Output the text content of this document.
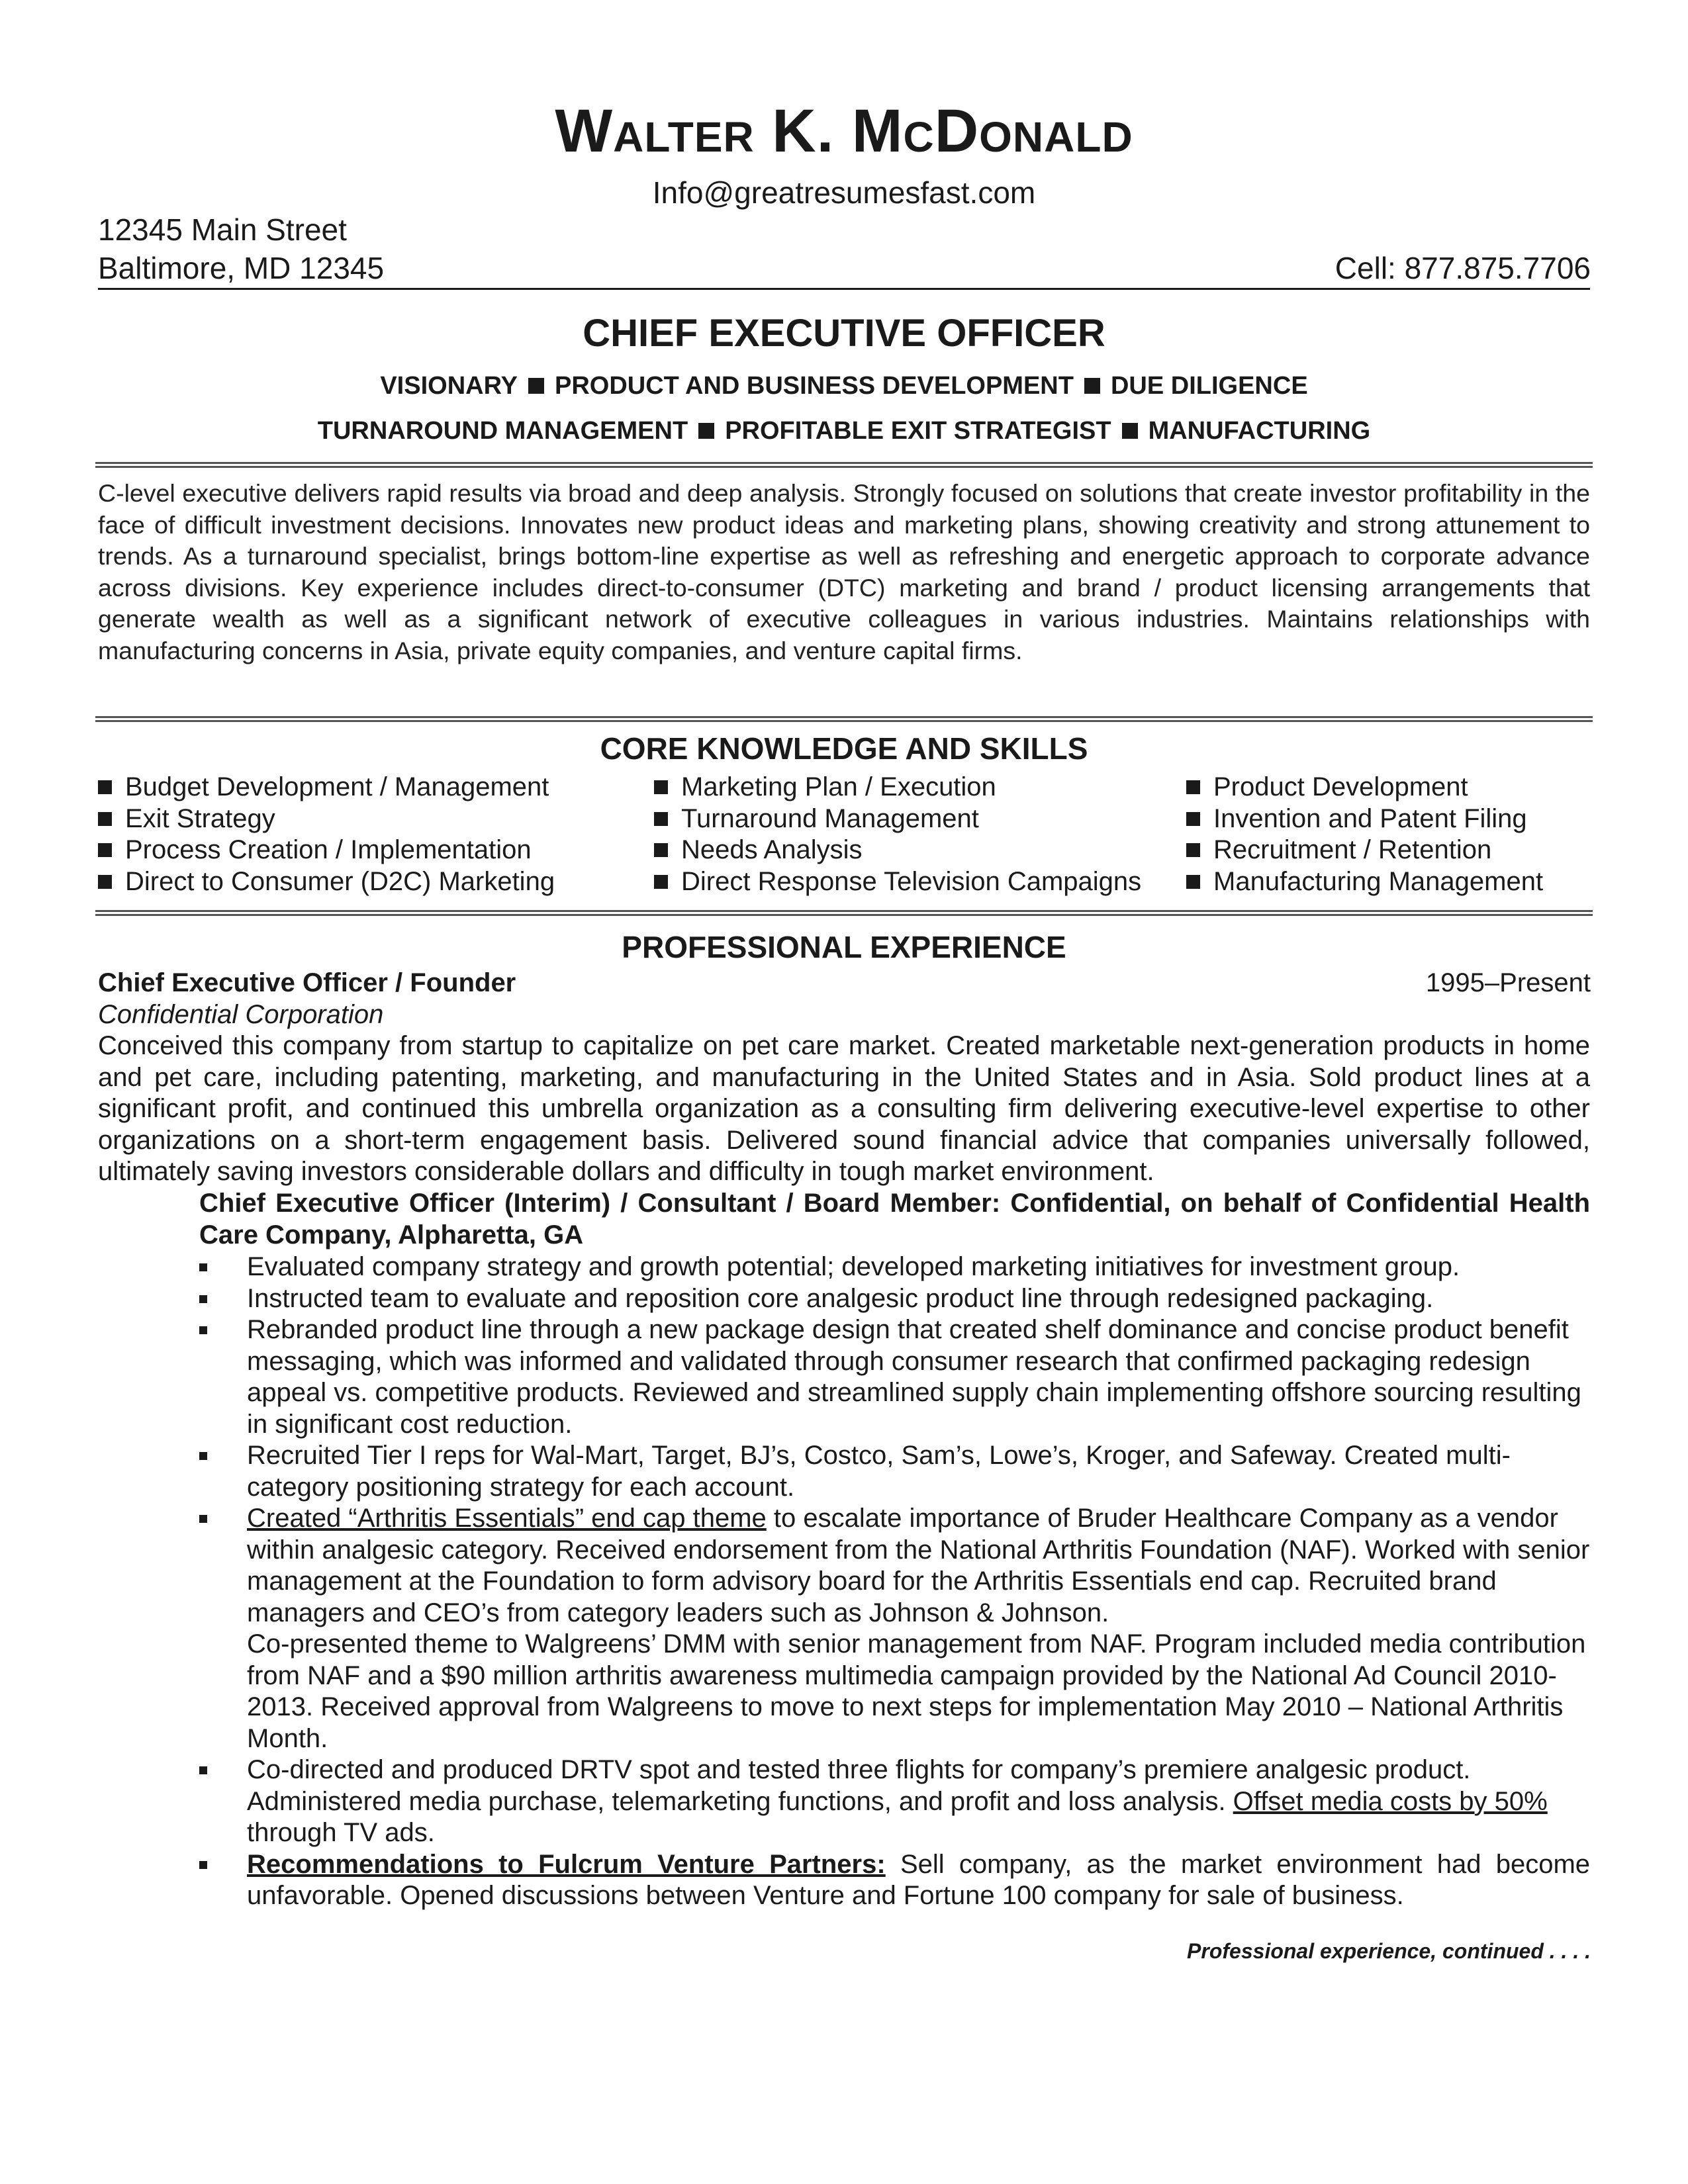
Walter K. McDonald
Info@greatresumesfast.com
12345 Main Street
Baltimore, MD 12345	Cell: 877.875.7706
CHIEF EXECUTIVE OFFICER
VISIONARY PRODUCT AND BUSINESS DEVELOPMENT DUE DILIGENCE
TURNAROUND MANAGEMENT PROFITABLE EXIT STRATEGIST MANUFACTURING
C-level executive delivers rapid results via broad and deep analysis. Strongly focused on solutions that create investor profitability in the face of difficult investment decisions. Innovates new product ideas and marketing plans, showing creativity and strong attunement to trends. As a turnaround specialist, brings bottom-line expertise as well as refreshing and energetic approach to corporate advance across divisions. Key experience includes direct-to-consumer (DTC) marketing and brand / product licensing arrangements that generate wealth as well as a significant network of executive colleagues in various industries. Maintains relationships with manufacturing concerns in Asia, private equity companies, and venture capital firms.
CORE KNOWLEDGE AND SKILLS
Budget Development / Management
Exit Strategy
Process Creation / Implementation
Direct to Consumer (D2C) Marketing
Marketing Plan / Execution
Turnaround Management
Needs Analysis
Direct Response Television Campaigns
Product Development
Invention and Patent Filing
Recruitment / Retention
Manufacturing Management
PROFESSIONAL EXPERIENCE
Chief Executive Officer / Founder	1995–Present
Confidential Corporation
Conceived this company from startup to capitalize on pet care market. Created marketable next-generation products in home and pet care, including patenting, marketing, and manufacturing in the United States and in Asia. Sold product lines at a significant profit, and continued this umbrella organization as a consulting firm delivering executive-level expertise to other organizations on a short-term engagement basis. Delivered sound financial advice that companies universally followed, ultimately saving investors considerable dollars and difficulty in tough market environment.
Chief Executive Officer (Interim) / Consultant / Board Member: Confidential, on behalf of Confidential Health Care Company, Alpharetta, GA
Evaluated company strategy and growth potential; developed marketing initiatives for investment group.
Instructed team to evaluate and reposition core analgesic product line through redesigned packaging.
Rebranded product line through a new package design that created shelf dominance and concise product benefit messaging, which was informed and validated through consumer research that confirmed packaging redesign appeal vs. competitive products. Reviewed and streamlined supply chain implementing offshore sourcing resulting in significant cost reduction.
Recruited Tier I reps for Wal-Mart, Target, BJ’s, Costco, Sam’s, Lowe’s, Kroger, and Safeway. Created multi-category positioning strategy for each account.
Created “Arthritis Essentials” end cap theme to escalate importance of Bruder Healthcare Company as a vendor within analgesic category. Received endorsement from the National Arthritis Foundation (NAF). Worked with senior management at the Foundation to form advisory board for the Arthritis Essentials end cap. Recruited brand managers and CEO’s from category leaders such as Johnson & Johnson.
Co-presented theme to Walgreens’ DMM with senior management from NAF. Program included media contribution from NAF and a $90 million arthritis awareness multimedia campaign provided by the National Ad Council 2010-2013. Received approval from Walgreens to move to next steps for implementation May 2010 – National Arthritis Month.
Co-directed and produced DRTV spot and tested three flights for company’s premiere analgesic product. Administered media purchase, telemarketing functions, and profit and loss analysis. Offset media costs by 50% through TV ads.
Recommendations to Fulcrum Venture Partners: Sell company, as the market environment had become unfavorable. Opened discussions between Venture and Fortune 100 company for sale of business.
Professional experience, continued . . . .
